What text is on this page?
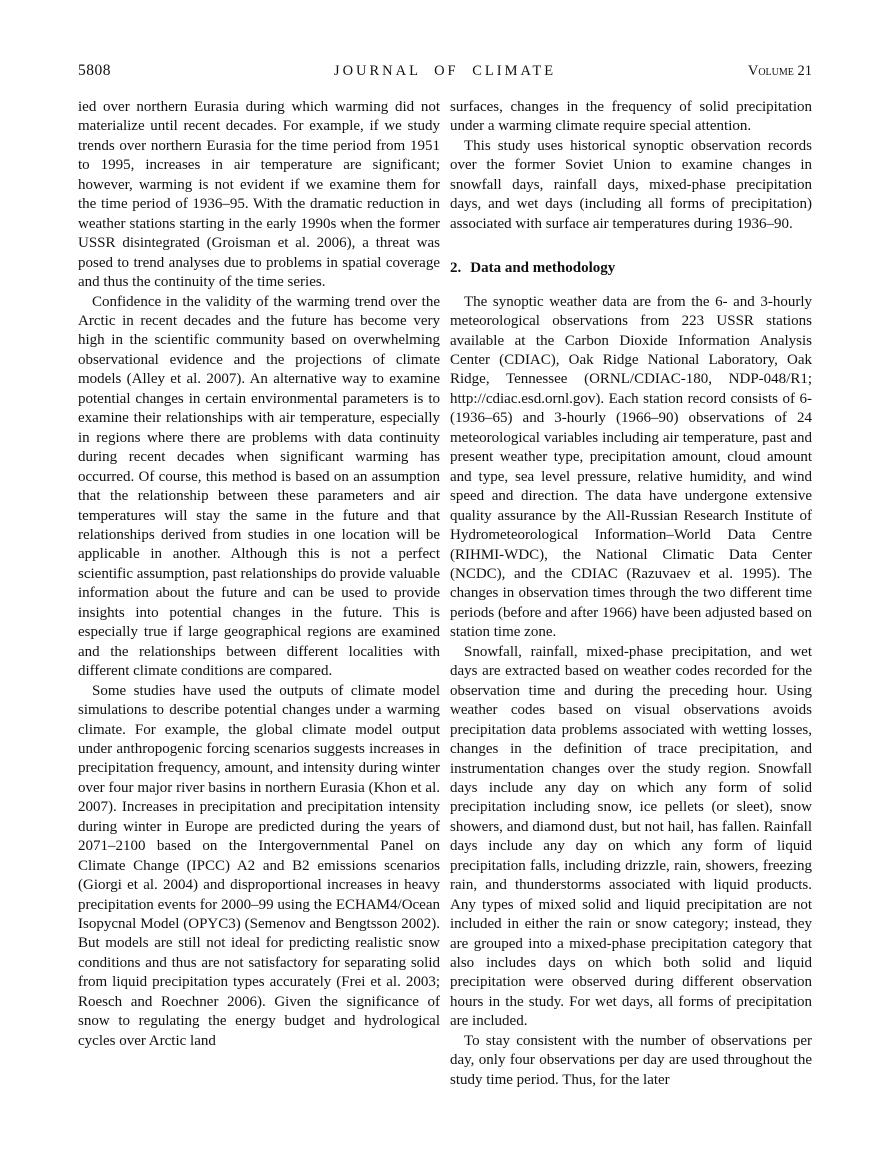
5808	JOURNAL OF CLIMATE	Volume 21

ied over northern Eurasia during which warming did not materialize until recent decades. For example, if we study trends over northern Eurasia for the time period from 1951 to 1995, increases in air temperature are significant; however, warming is not evident if we examine them for the time period of 1936–95. With the dramatic reduction in weather stations starting in the early 1990s when the former USSR disintegrated (Groisman et al. 2006), a threat was posed to trend analyses due to problems in spatial coverage and thus the continuity of the time series.

Confidence in the validity of the warming trend over the Arctic in recent decades and the future has become very high in the scientific community based on overwhelming observational evidence and the projections of climate models (Alley et al. 2007). An alternative way to examine potential changes in certain environmental parameters is to examine their relationships with air temperature, especially in regions where there are problems with data continuity during recent decades when significant warming has occurred. Of course, this method is based on an assumption that the relationship between these parameters and air temperatures will stay the same in the future and that relationships derived from studies in one location will be applicable in another. Although this is not a perfect scientific assumption, past relationships do provide valuable information about the future and can be used to provide insights into potential changes in the future. This is especially true if large geographical regions are examined and the relationships between different localities with different climate conditions are compared.

Some studies have used the outputs of climate model simulations to describe potential changes under a warming climate. For example, the global climate model output under anthropogenic forcing scenarios suggests increases in precipitation frequency, amount, and intensity during winter over four major river basins in northern Eurasia (Khon et al. 2007). Increases in precipitation and precipitation intensity during winter in Europe are predicted during the years of 2071–2100 based on the Intergovernmental Panel on Climate Change (IPCC) A2 and B2 emissions scenarios (Giorgi et al. 2004) and disproportional increases in heavy precipitation events for 2000–99 using the ECHAM4/Ocean Isopycnal Model (OPYC3) (Semenov and Bengtsson 2002). But models are still not ideal for predicting realistic snow conditions and thus are not satisfactory for separating solid from liquid precipitation types accurately (Frei et al. 2003; Roesch and Roechner 2006). Given the significance of snow to regulating the energy budget and hydrological cycles over Arctic land

surfaces, changes in the frequency of solid precipitation under a warming climate require special attention.

This study uses historical synoptic observation records over the former Soviet Union to examine changes in snowfall days, rainfall days, mixed-phase precipitation days, and wet days (including all forms of precipitation) associated with surface air temperatures during 1936–90.

2. Data and methodology

The synoptic weather data are from the 6- and 3-hourly meteorological observations from 223 USSR stations available at the Carbon Dioxide Information Analysis Center (CDIAC), Oak Ridge National Laboratory, Oak Ridge, Tennessee (ORNL/CDIAC-180, NDP-048/R1; http://cdiac.esd.ornl.gov). Each station record consists of 6- (1936–65) and 3-hourly (1966–90) observations of 24 meteorological variables including air temperature, past and present weather type, precipitation amount, cloud amount and type, sea level pressure, relative humidity, and wind speed and direction. The data have undergone extensive quality assurance by the All-Russian Research Institute of Hydrometeorological Information–World Data Centre (RIHMI-WDC), the National Climatic Data Center (NCDC), and the CDIAC (Razuvaev et al. 1995). The changes in observation times through the two different time periods (before and after 1966) have been adjusted based on station time zone.

Snowfall, rainfall, mixed-phase precipitation, and wet days are extracted based on weather codes recorded for the observation time and during the preceding hour. Using weather codes based on visual observations avoids precipitation data problems associated with wetting losses, changes in the definition of trace precipitation, and instrumentation changes over the study region. Snowfall days include any day on which any form of solid precipitation including snow, ice pellets (or sleet), snow showers, and diamond dust, but not hail, has fallen. Rainfall days include any day on which any form of liquid precipitation falls, including drizzle, rain, showers, freezing rain, and thunderstorms associated with liquid products. Any types of mixed solid and liquid precipitation are not included in either the rain or snow category; instead, they are grouped into a mixed-phase precipitation category that also includes days on which both solid and liquid precipitation were observed during different observation hours in the study. For wet days, all forms of precipitation are included.

To stay consistent with the number of observations per day, only four observations per day are used throughout the study time period. Thus, for the later
